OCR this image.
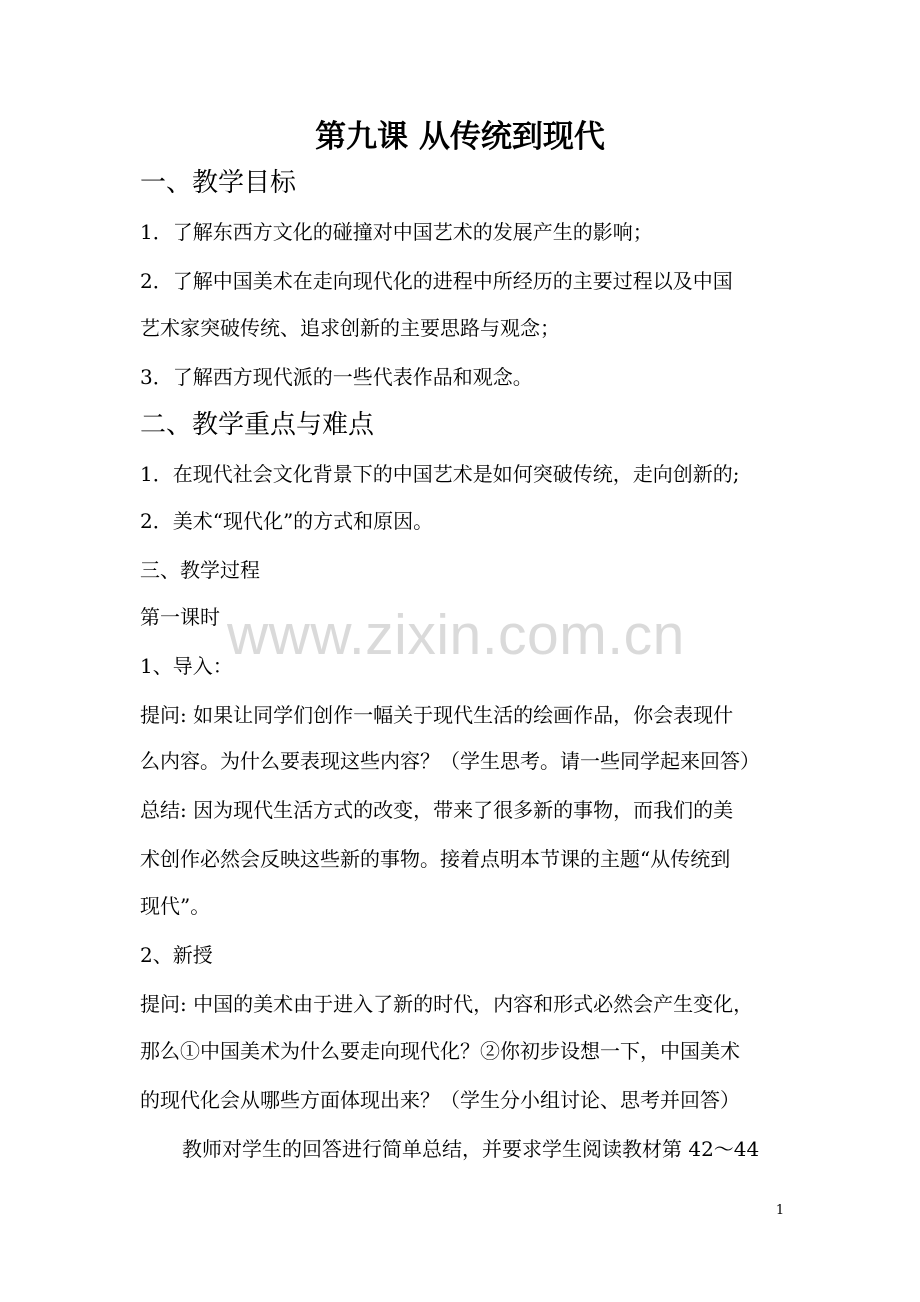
第九课 从传统到现代
一、教学目标
1．了解东西方文化的碰撞对中国艺术的发展产生的影响；
2．了解中国美术在走向现代化的进程中所经历的主要过程以及中国
艺术家突破传统、追求创新的主要思路与观念；
3．了解西方现代派的一些代表作品和观念。
二、教学重点与难点
1．在现代社会文化背景下的中国艺术是如何突破传统，走向创新的;
2．美术“现代化”的方式和原因。
三、教学过程
第一课时
1、导入：
提问: 如果让同学们创作一幅关于现代生活的绘画作品，你会表现什
么内容。为什么要表现这些内容？（学生思考。请一些同学起来回答）
总结: 因为现代生活方式的改变，带来了很多新的事物，而我们的美
术创作必然会反映这些新的事物。接着点明本节课的主题“从传统到
现代”。
2、新授
提问: 中国的美术由于进入了新的时代，内容和形式必然会产生变化，
那么①中国美术为什么要走向现代化？②你初步设想一下，中国美术
的现代化会从哪些方面体现出来？（学生分小组讨论、思考并回答）
教师对学生的回答进行简单总结，并要求学生阅读教材第 42～44
www.zixin.com.cn
1
